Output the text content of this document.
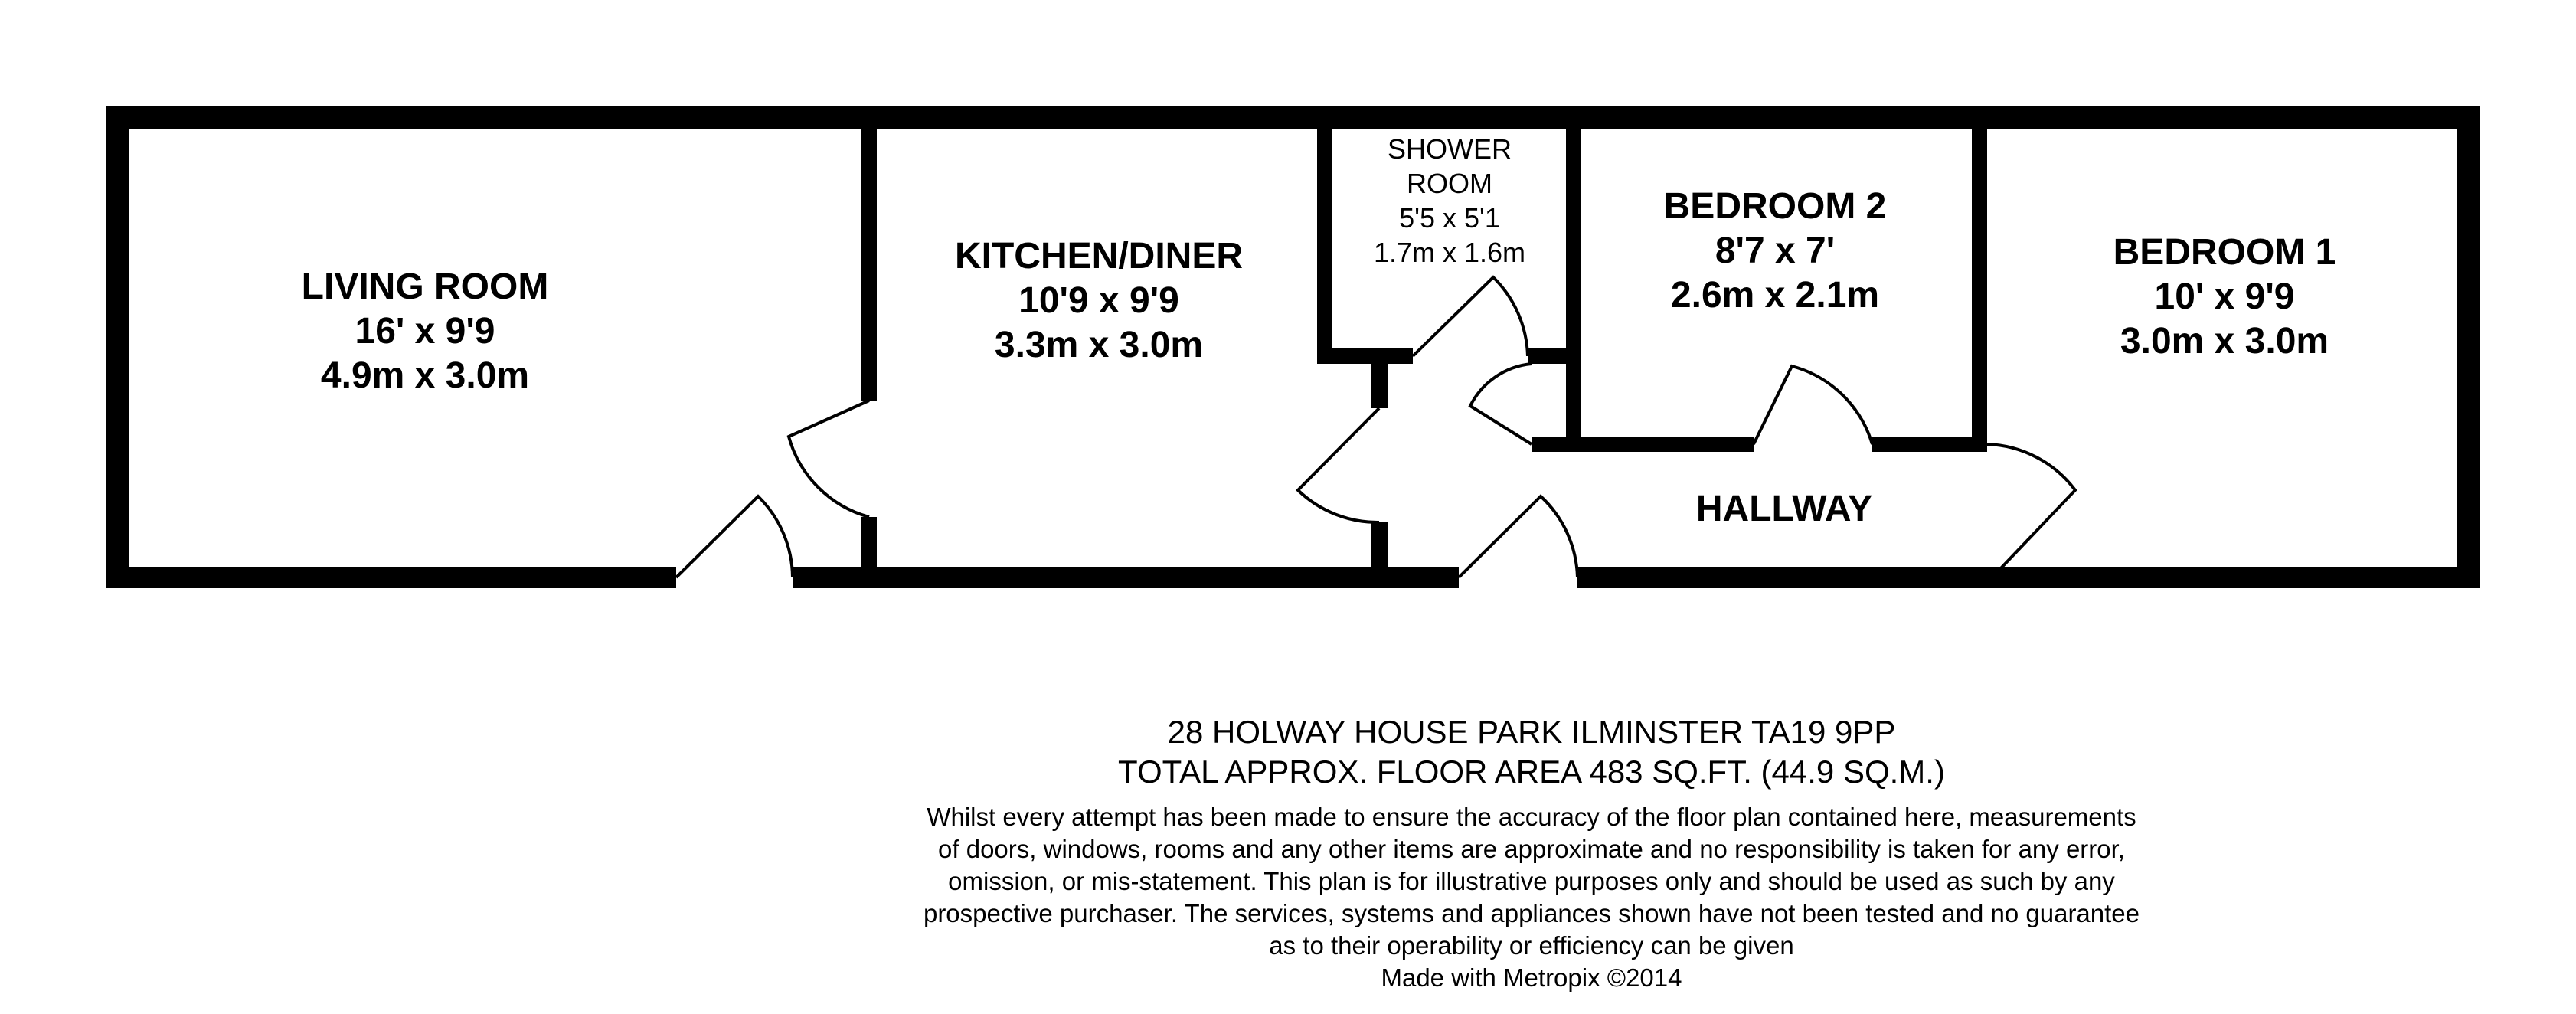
LIVING ROOM
16' x 9'9
4.9m x 3.0m
KITCHEN/DINER
10'9 x 9'9
3.3m x 3.0m
SHOWER
ROOM
5'5 x 5'1
1.7m x 1.6m
BEDROOM 2
8'7 x 7'
2.6m x 2.1m
BEDROOM 1
10' x 9'9
3.0m x 3.0m
HALLWAY
28 HOLWAY HOUSE PARK ILMINSTER TA19 9PP
TOTAL APPROX. FLOOR AREA 483 SQ.FT. (44.9 SQ.M.)
Whilst every attempt has been made to ensure the accuracy of the floor plan contained here, measurements
of doors, windows, rooms and any other items are approximate and no responsibility is taken for any error,
omission, or mis-statement. This plan is for illustrative purposes only and should be used as such by any
prospective purchaser. The services, systems and appliances shown have not been tested and no guarantee
as to their operability or efficiency can be given
Made with Metropix ©2014
